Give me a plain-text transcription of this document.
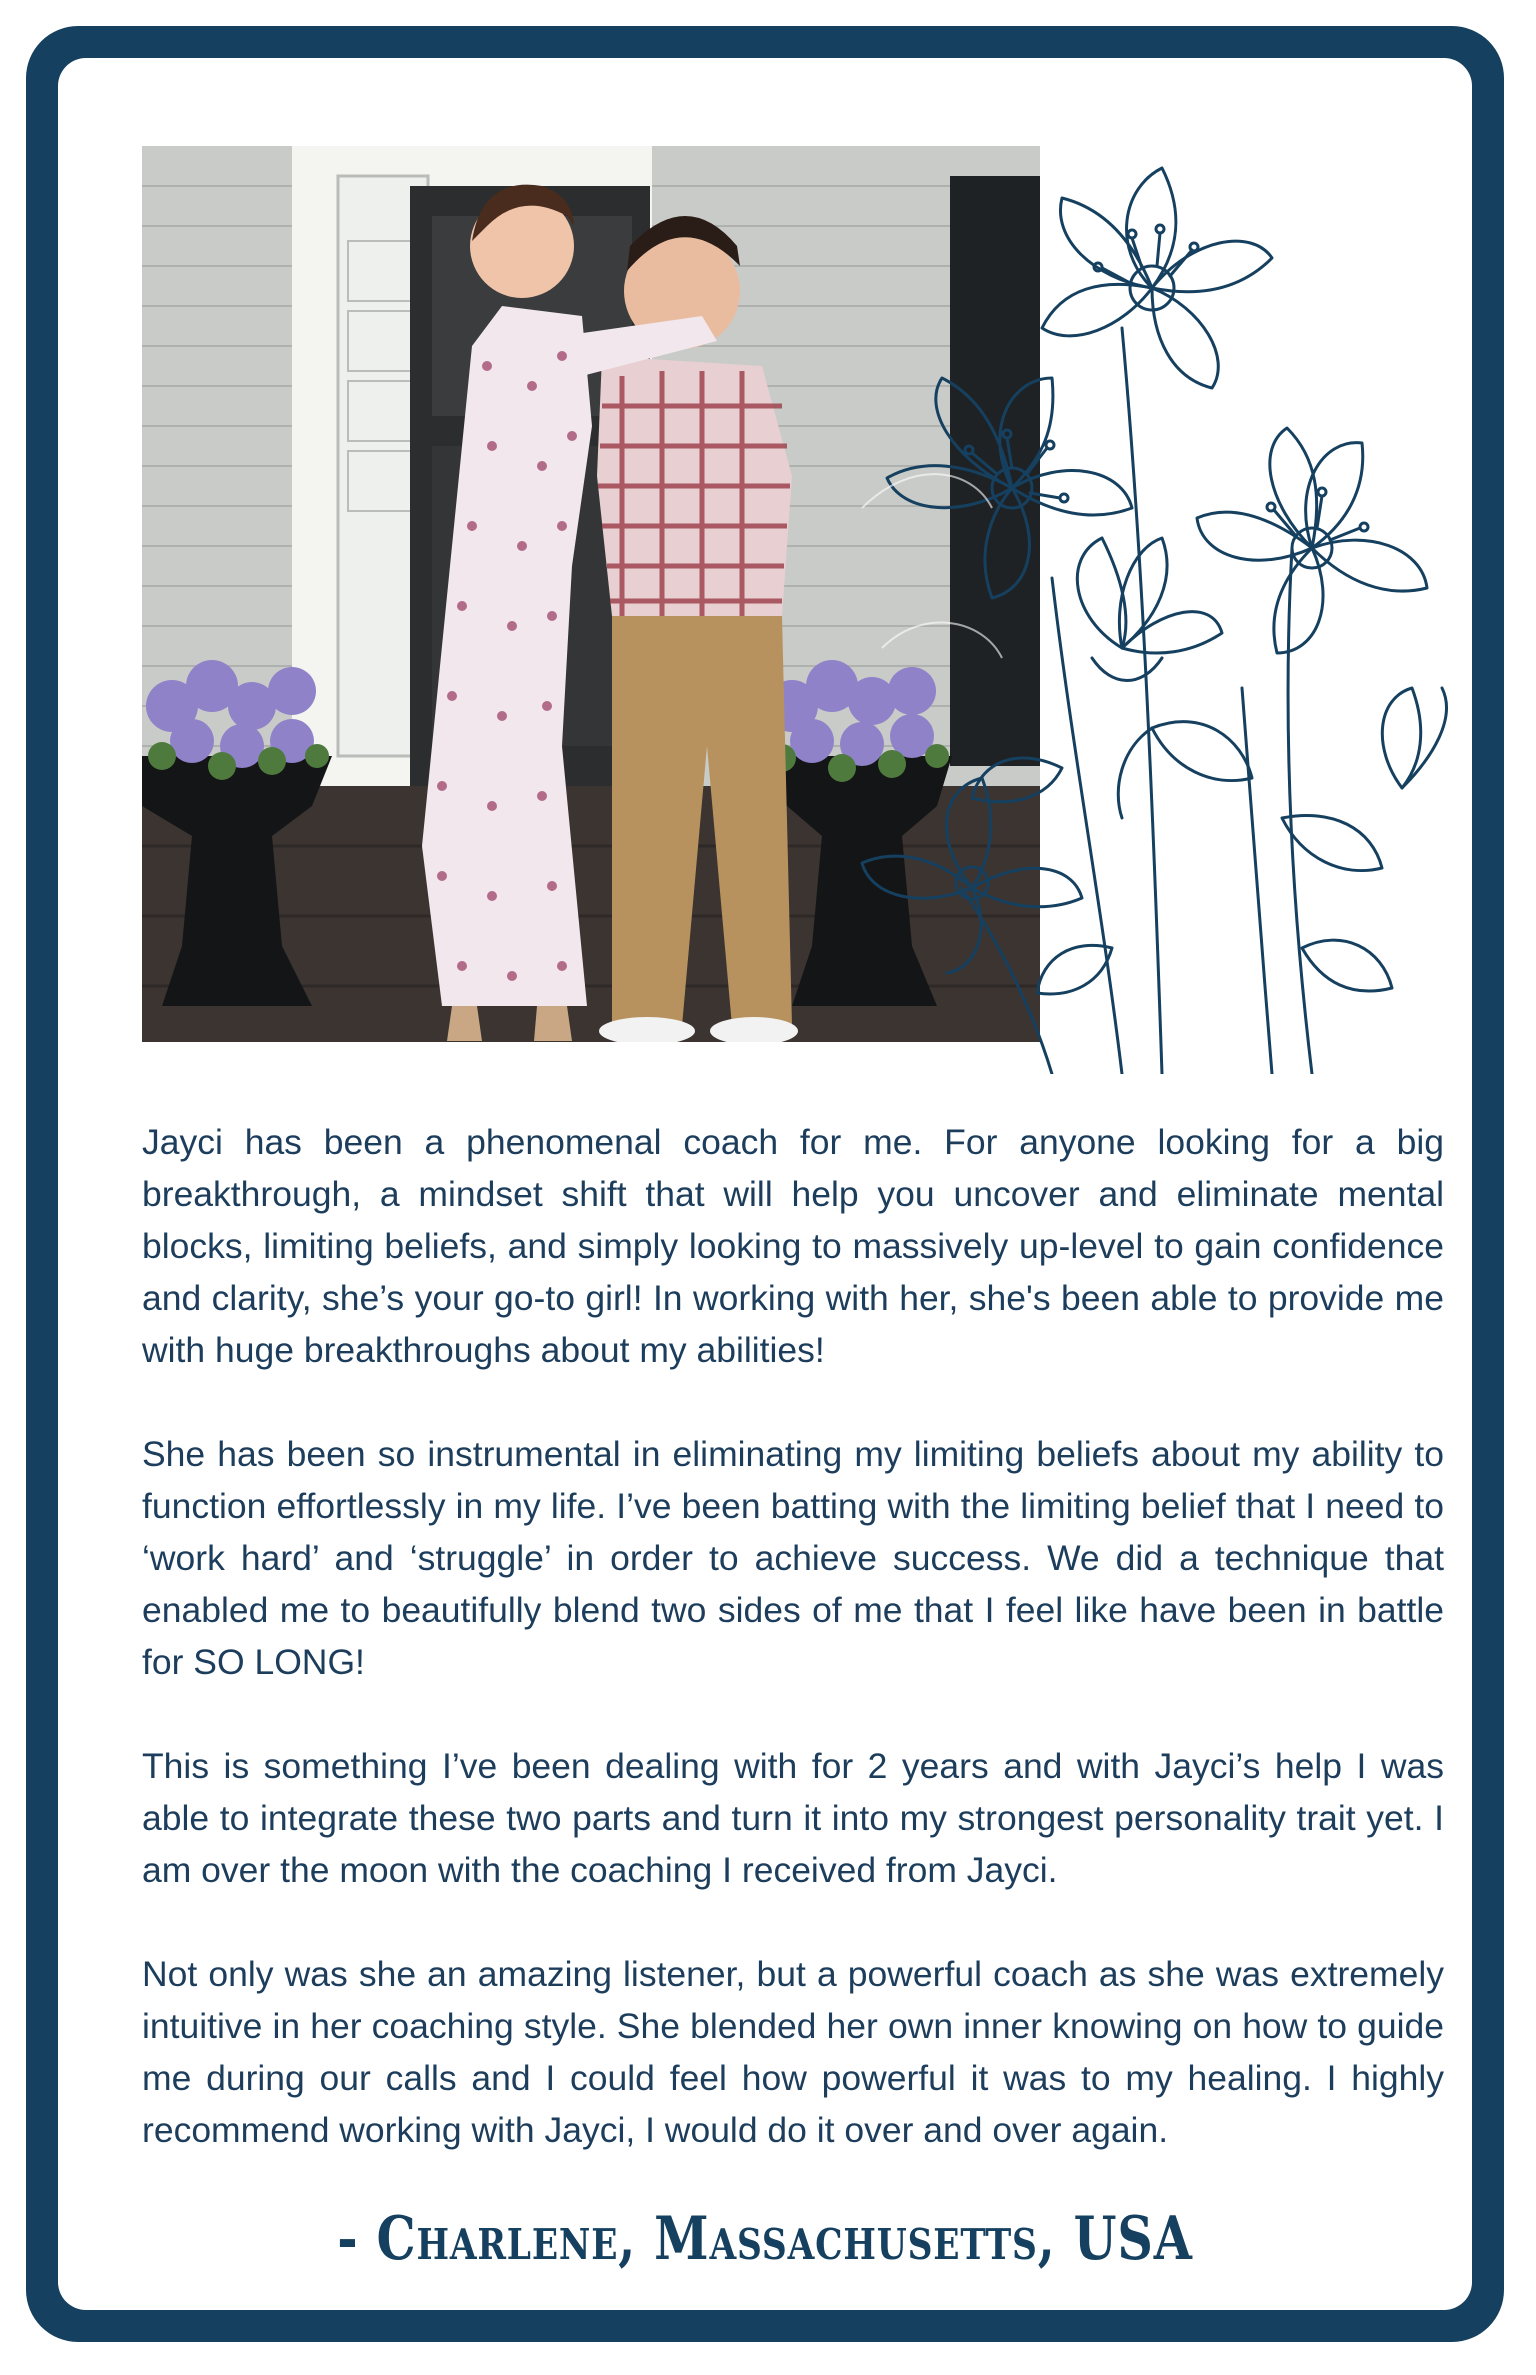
Jayci has been a phenomenal coach for me. For anyone looking for a big breakthrough, a mindset shift that will help you uncover and eliminate mental blocks, limiting beliefs, and simply looking to massively up-level to gain confidence and clarity, she’s your go-to girl! In working with her, she's been able to provide me with huge breakthroughs about my abilities!

She has been so instrumental in eliminating my limiting beliefs about my ability to function effortlessly in my life. I’ve been batting with the limiting belief that I need to ‘work hard’ and ‘struggle’ in order to achieve success. We did a technique that enabled me to beautifully blend two sides of me that I feel like have been in battle for SO LONG!

This is something I’ve been dealing with for 2 years and with Jayci’s help I was able to integrate these two parts and turn it into my strongest personality trait yet. I am over the moon with the coaching I received from Jayci.

Not only was she an amazing listener, but a powerful coach as she was extremely intuitive in her coaching style. She blended her own inner knowing on how to guide me during our calls and I could feel how powerful it was to my healing. I highly recommend working with Jayci, I would do it over and over again.

- Charlene, Massachusetts, USA
